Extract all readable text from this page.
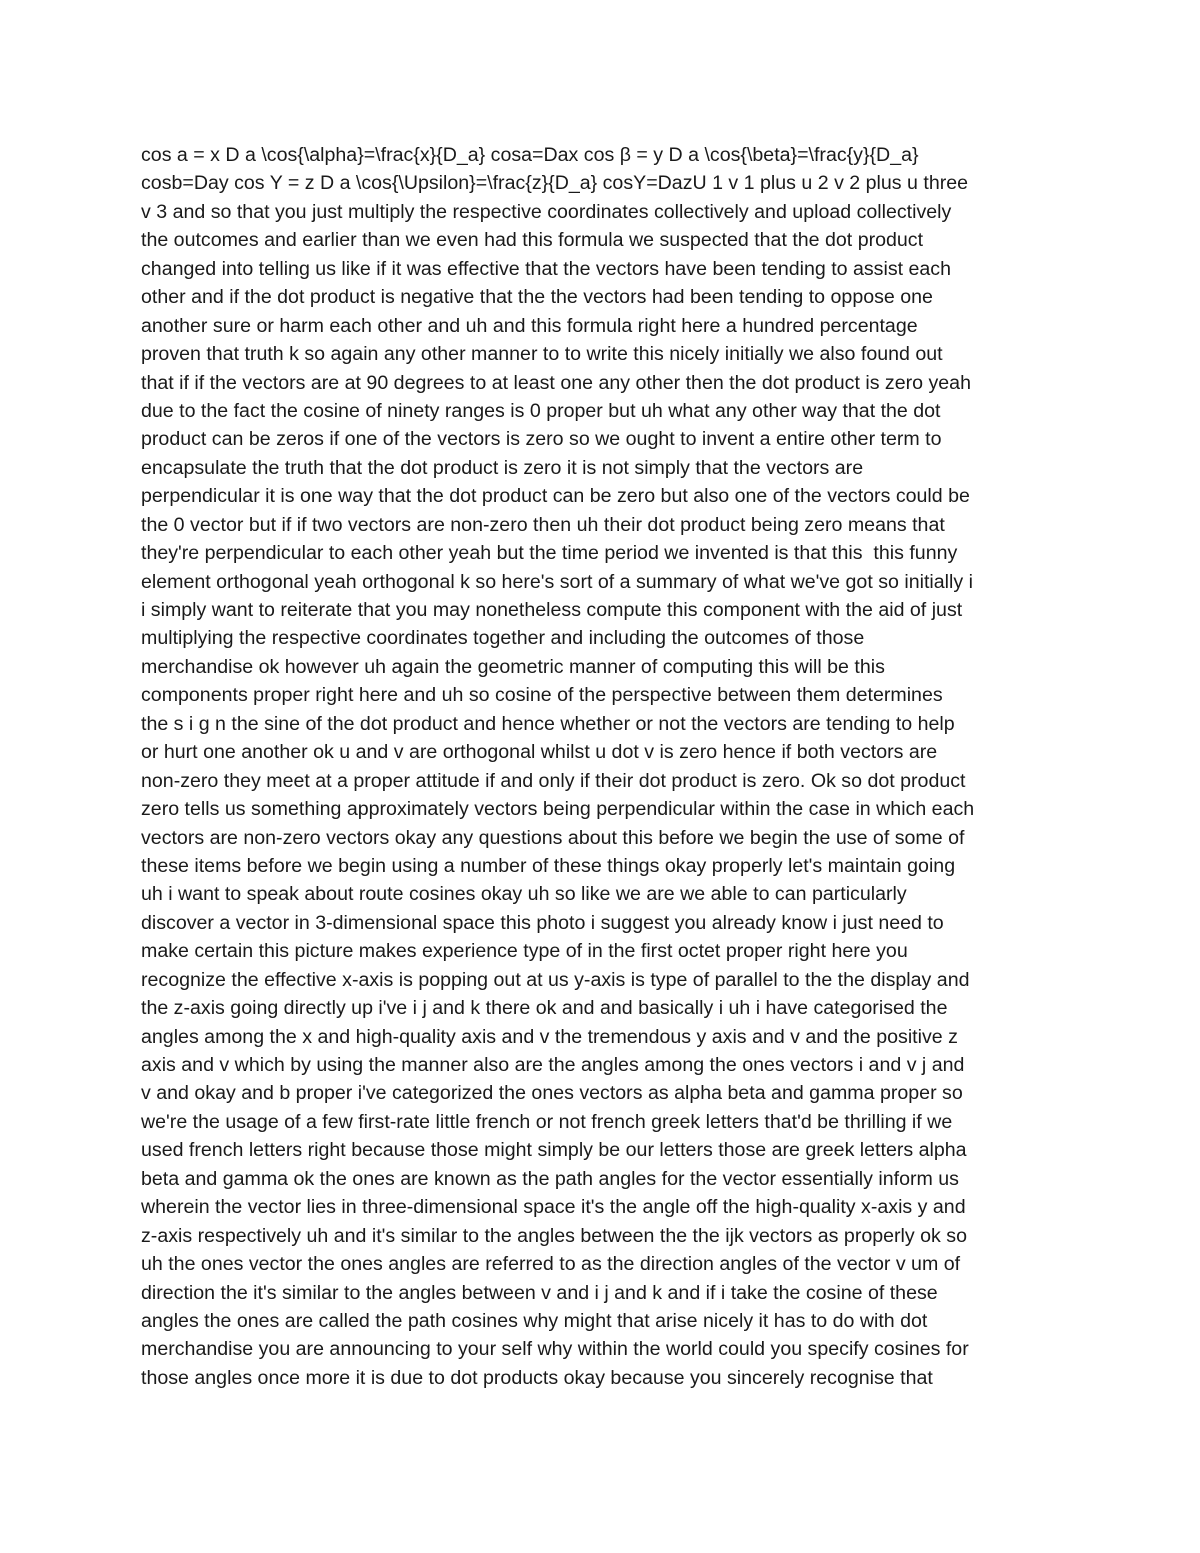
cos a = x D a \cos{\alpha}=\frac{x}{D_a} cosa=Dax cos β = y D a \cos{\beta}=\frac{y}{D_a}
cosb=Day cos Y = z D a \cos{\Upsilon}=\frac{z}{D_a} cosY=DazU 1 v 1 plus u 2 v 2 plus u three
v 3 and so that you just multiply the respective coordinates collectively and upload collectively
the outcomes and earlier than we even had this formula we suspected that the dot product
changed into telling us like if it was effective that the vectors have been tending to assist each
other and if the dot product is negative that the the vectors had been tending to oppose one
another sure or harm each other and uh and this formula right here a hundred percentage
proven that truth k so again any other manner to to write this nicely initially we also found out
that if if the vectors are at 90 degrees to at least one any other then the dot product is zero yeah
due to the fact the cosine of ninety ranges is 0 proper but uh what any other way that the dot
product can be zeros if one of the vectors is zero so we ought to invent a entire other term to
encapsulate the truth that the dot product is zero it is not simply that the vectors are
perpendicular it is one way that the dot product can be zero but also one of the vectors could be
the 0 vector but if if two vectors are non-zero then uh their dot product being zero means that
they're perpendicular to each other yeah but the time period we invented is that this  this funny
element orthogonal yeah orthogonal k so here's sort of a summary of what we've got so initially i
i simply want to reiterate that you may nonetheless compute this component with the aid of just
multiplying the respective coordinates together and including the outcomes of those
merchandise ok however uh again the geometric manner of computing this will be this
components proper right here and uh so cosine of the perspective between them determines
the s i g n the sine of the dot product and hence whether or not the vectors are tending to help
or hurt one another ok u and v are orthogonal whilst u dot v is zero hence if both vectors are
non-zero they meet at a proper attitude if and only if their dot product is zero. Ok so dot product
zero tells us something approximately vectors being perpendicular within the case in which each
vectors are non-zero vectors okay any questions about this before we begin the use of some of
these items before we begin using a number of these things okay properly let's maintain going
uh i want to speak about route cosines okay uh so like we are we able to can particularly
discover a vector in 3-dimensional space this photo i suggest you already know i just need to
make certain this picture makes experience type of in the first octet proper right here you
recognize the effective x-axis is popping out at us y-axis is type of parallel to the the display and
the z-axis going directly up i've i j and k there ok and and basically i uh i have categorised the
angles among the x and high-quality axis and v the tremendous y axis and v and the positive z
axis and v which by using the manner also are the angles among the ones vectors i and v j and
v and okay and b proper i've categorized the ones vectors as alpha beta and gamma proper so
we're the usage of a few first-rate little french or not french greek letters that'd be thrilling if we
used french letters right because those might simply be our letters those are greek letters alpha
beta and gamma ok the ones are known as the path angles for the vector essentially inform us
wherein the vector lies in three-dimensional space it's the angle off the high-quality x-axis y and
z-axis respectively uh and it's similar to the angles between the the ijk vectors as properly ok so
uh the ones vector the ones angles are referred to as the direction angles of the vector v um of
direction the it's similar to the angles between v and i j and k and if i take the cosine of these
angles the ones are called the path cosines why might that arise nicely it has to do with dot
merchandise you are announcing to your self why within the world could you specify cosines for
those angles once more it is due to dot products okay because you sincerely recognise that
